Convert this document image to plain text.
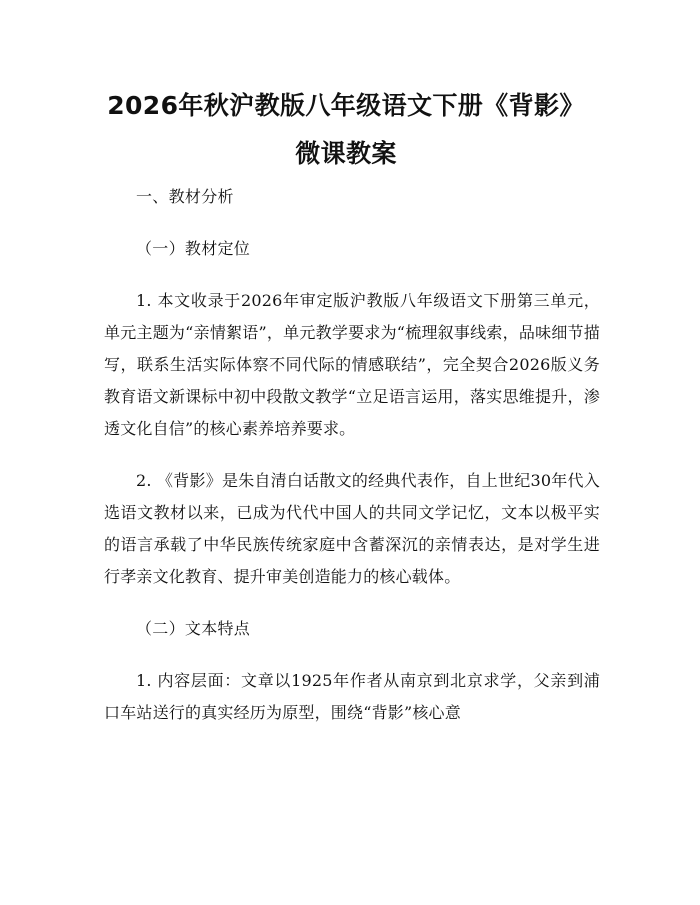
2026年秋沪教版八年级语文下册《背影》微课教案

一、教材分析

（一）教材定位

1. 本文收录于2026年审定版沪教版八年级语文下册第三单元，单元主题为“亲情絮语”，单元教学要求为“梳理叙事线索，品味细节描写，联系生活实际体察不同代际的情感联结”，完全契合2026版义务教育语文新课标中初中段散文教学“立足语言运用，落实思维提升，渗透文化自信”的核心素养培养要求。

2. 《背影》是朱自清白话散文的经典代表作，自上世纪30年代入选语文教材以来，已成为代代中国人的共同文学记忆，文本以极平实的语言承载了中华民族传统家庭中含蓄深沉的亲情表达，是对学生进行孝亲文化教育、提升审美创造能力的核心载体。

（二）文本特点

1. 内容层面：文章以1925年作者从南京到北京求学，父亲到浦口车站送行的真实经历为原型，围绕“背影”核心意
